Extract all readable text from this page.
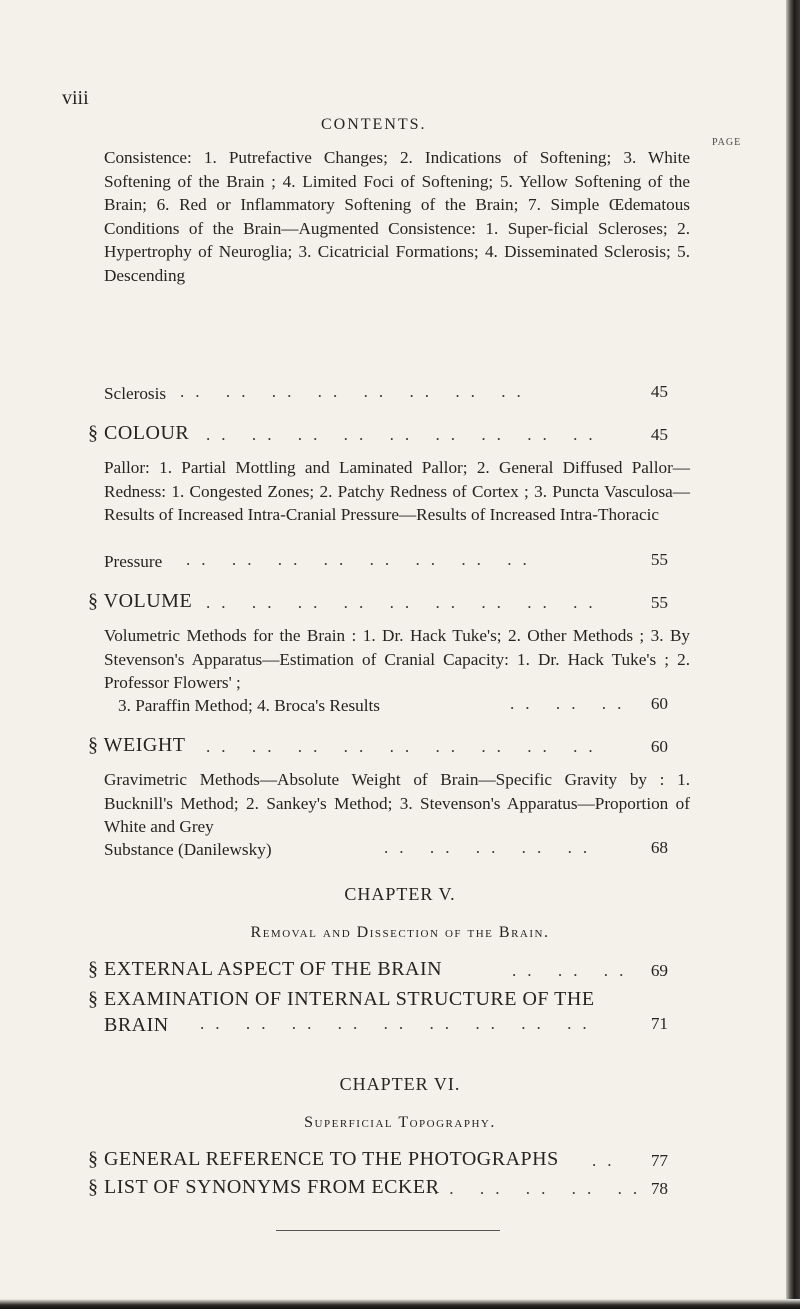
viii
CONTENTS.
PAGE
Consistence: 1. Putrefactive Changes; 2. Indications of Softening; 3. White Softening of the Brain ; 4. Limited Foci of Softening; 5. Yellow Softening of the Brain; 6. Red or Inflammatory Softening of the Brain; 7. Simple Œdematous Conditions of the Brain—Augmented Consistence: 1. Super-ficial Scleroses; 2. Hypertrophy of Neuroglia; 3. Cicatricial Formations; 4. Disseminated Sclerosis; 5. Descending
Sclerosis .. .. .. .. .. .. .. ..	45
§ COLOUR .. .. .. .. .. .. .. .. ..	45
Pallor: 1. Partial Mottling and Laminated Pallor; 2. General Diffused Pallor—Redness: 1. Congested Zones; 2. Patchy Redness of Cortex ; 3. Puncta Vasculosa—Results of Increased Intra-Cranial Pressure—Results of Increased Intra-Thoracic
Pressure .. .. .. .. .. .. .. ..	55
§ VOLUME .. .. .. .. .. .. .. .. ..	55
Volumetric Methods for the Brain : 1. Dr. Hack Tuke's; 2. Other Methods ; 3. By Stevenson's Apparatus—Estimation of Cranial Capacity: 1. Dr. Hack Tuke's ; 2. Professor Flowers' ;
3. Paraffin Method; 4. Broca's Results	.. .. ..	60
§ WEIGHT .. .. .. .. .. .. .. .. ..	60
Gravimetric Methods—Absolute Weight of Brain—Specific Gravity by : 1. Bucknill's Method; 2. Sankey's Method; 3. Stevenson's Apparatus—Proportion of White and Grey
Substance (Danilewsky)	.. .. .. .. ..	68
CHAPTER V.
Removal and Dissection of the Brain.
§ EXTERNAL ASPECT OF THE BRAIN	.. .. .. 69
§ EXAMINATION OF INTERNAL STRUCTURE OF THE
BRAIN .. .. .. .. .. .. .. .. ..	71
CHAPTER VI.
Superficial Topography.
§ GENERAL REFERENCE TO THE PHOTOGRAPHS ..	77
§ LIST OF SYNONYMS FROM ECKER
.. .. .. .. .. 78
